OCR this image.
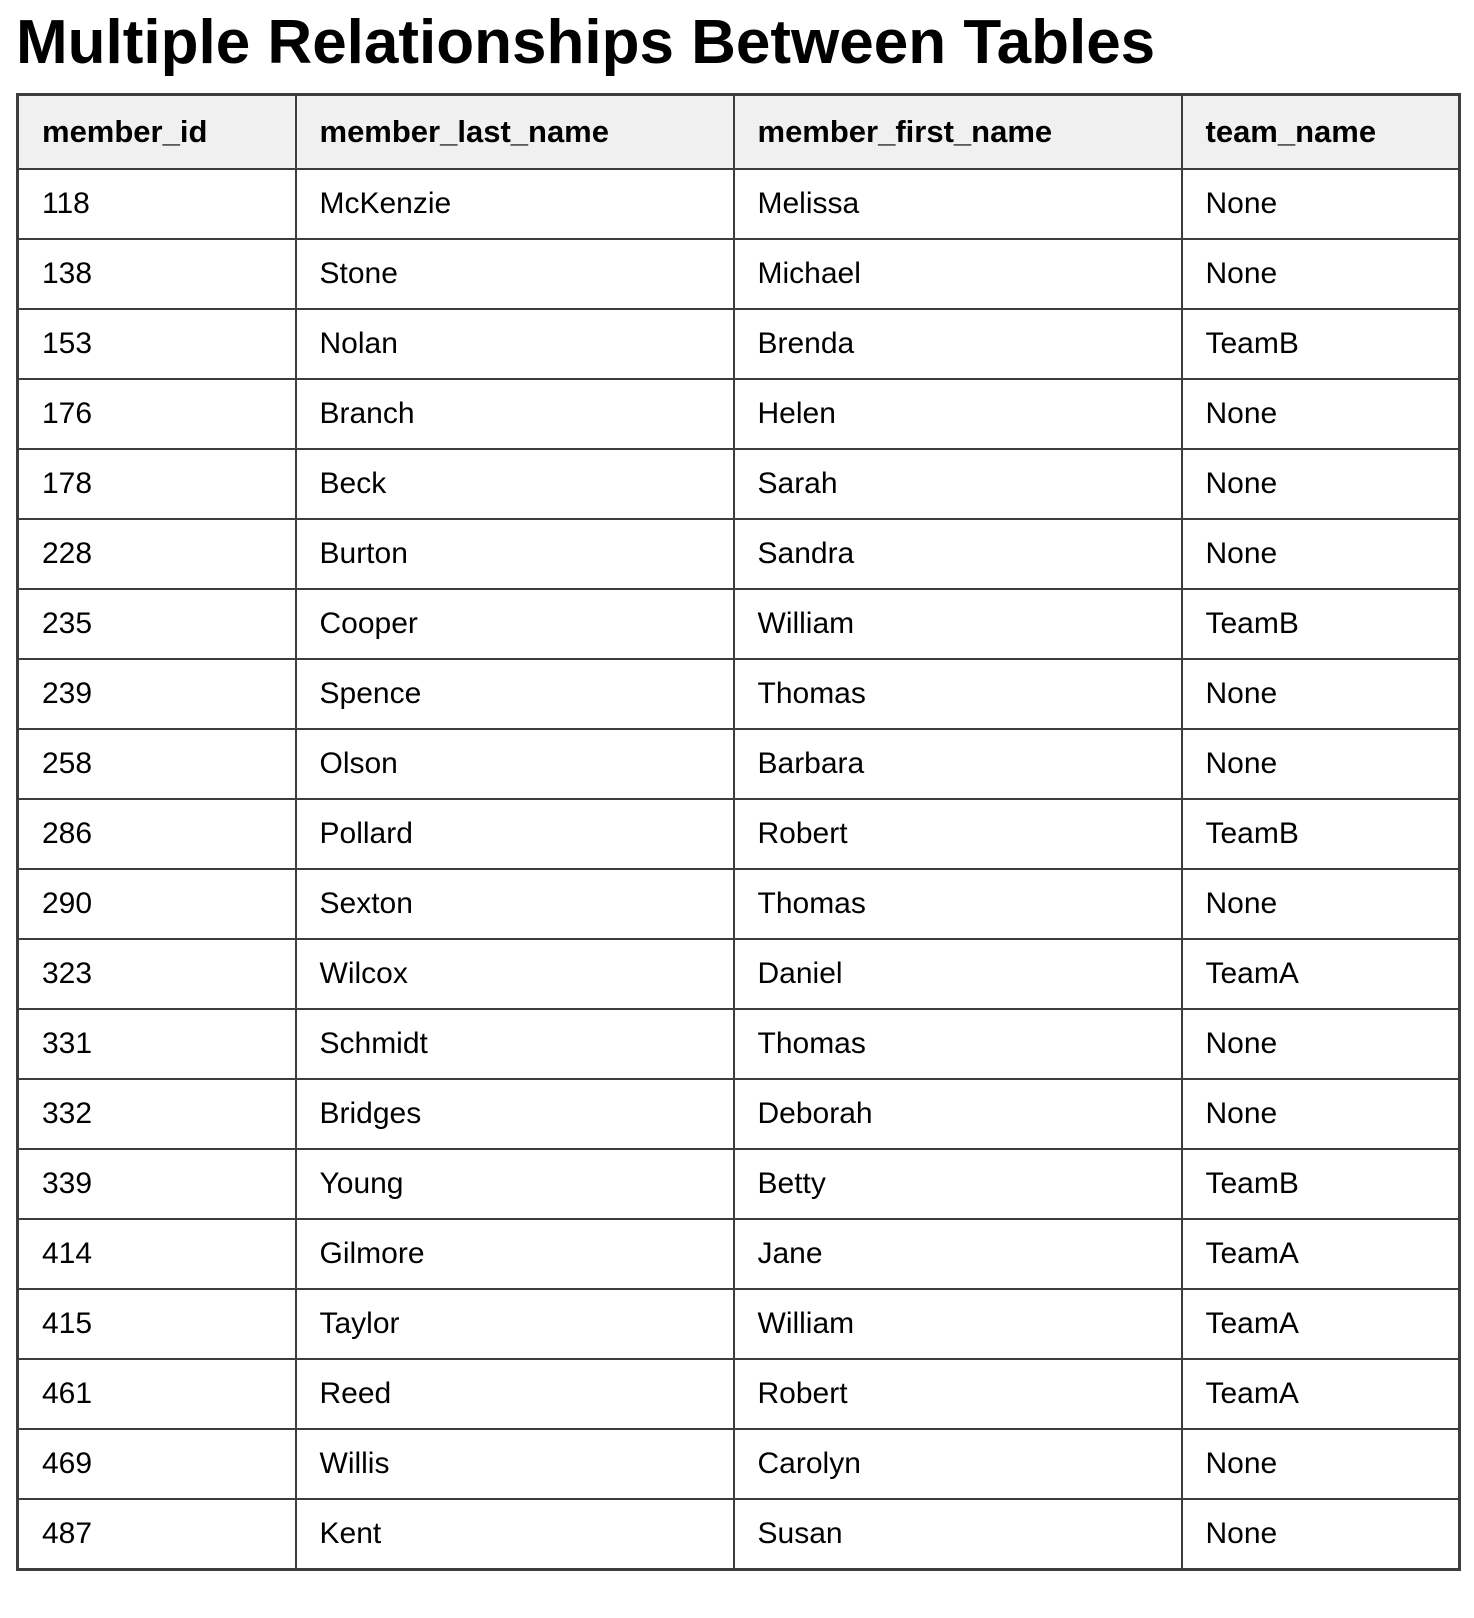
Multiple Relationships Between Tables
member_id	member_last_name	member_first_name	team_name
118	McKenzie	Melissa	None
138	Stone	Michael	None
153	Nolan	Brenda	TeamB
176	Branch	Helen	None
178	Beck	Sarah	None
228	Burton	Sandra	None
235	Cooper	William	TeamB
239	Spence	Thomas	None
258	Olson	Barbara	None
286	Pollard	Robert	TeamB
290	Sexton	Thomas	None
323	Wilcox	Daniel	TeamA
331	Schmidt	Thomas	None
332	Bridges	Deborah	None
339	Young	Betty	TeamB
414	Gilmore	Jane	TeamA
415	Taylor	William	TeamA
461	Reed	Robert	TeamA
469	Willis	Carolyn	None
487	Kent	Susan	None
